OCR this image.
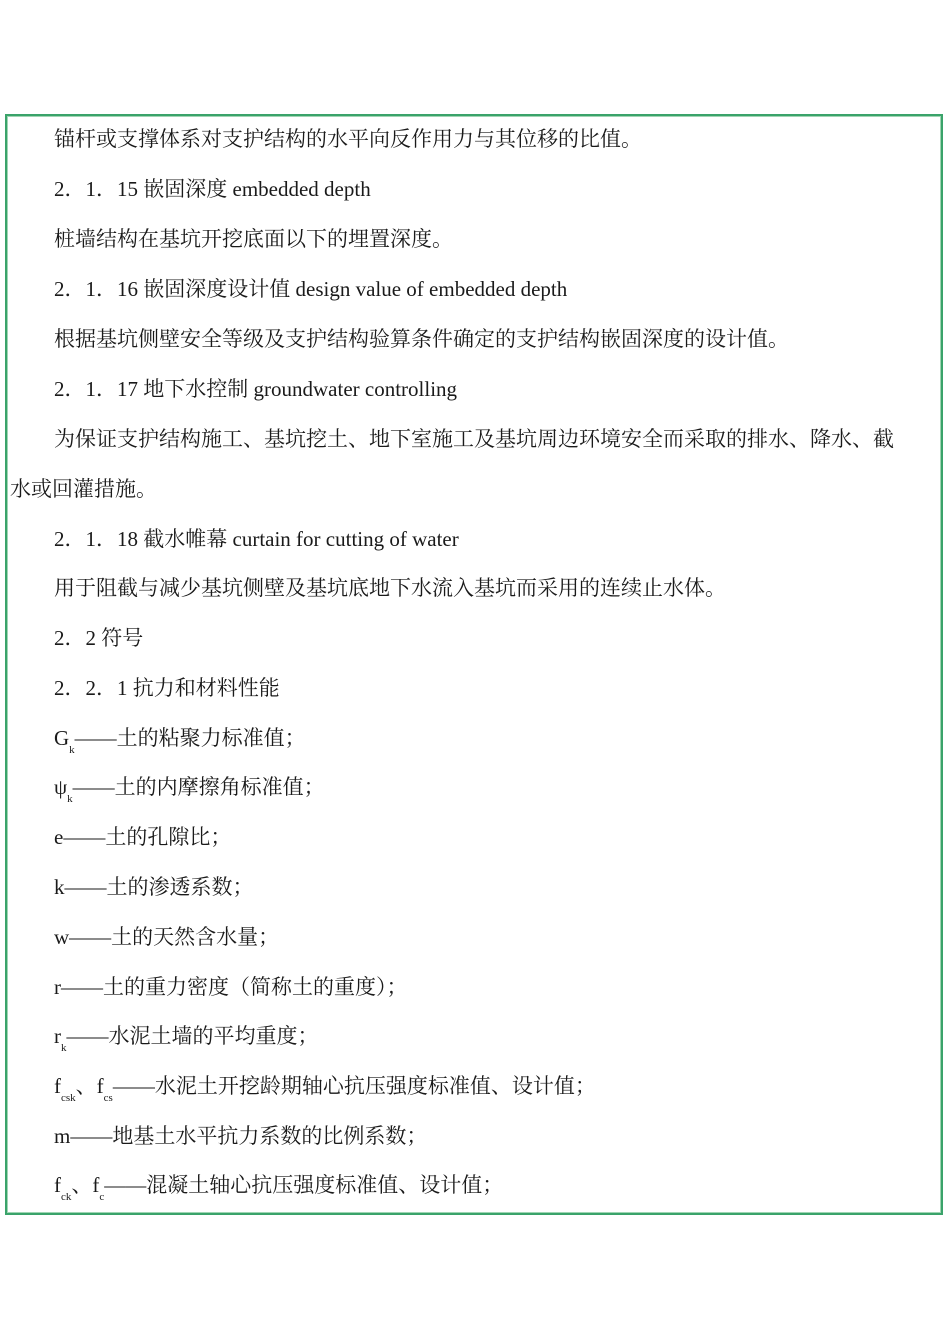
锚杆或支撑体系对支护结构的水平向反作用力与其位移的比值。
2．1．15 嵌固深度 embedded depth
桩墙结构在基坑开挖底面以下的埋置深度。
2．1．16 嵌固深度设计值 design value of embedded depth
根据基坑侧壁安全等级及支护结构验算条件确定的支护结构嵌固深度的设计值。
2．1．17 地下水控制 groundwater controlling
为保证支护结构施工、基坑挖土、地下室施工及基坑周边环境安全而采取的排水、降水、截
水或回灌措施。
2．1．18 截水帷幕 curtain for cutting of water
用于阻截与减少基坑侧壁及基坑底地下水流入基坑而采用的连续止水体。
2．2 符号
2．2．1 抗力和材料性能
$G_k——$土的粘聚力标准值；
$\psi_k——$土的内摩擦角标准值；
e——土的孔隙比；
k——土的渗透系数；
w——土的天然含水量；
r——土的重力密度（简称土的重度）；
$r_k——$水泥土墙的平均重度；
$f_{csk}$、$f_{cs}——$水泥土开挖龄期轴心抗压强度标准值、设计值；
m——地基土水平抗力系数的比例系数；
$f_{ck}$、$f_c——$混凝土轴心抗压强度标准值、设计值；
